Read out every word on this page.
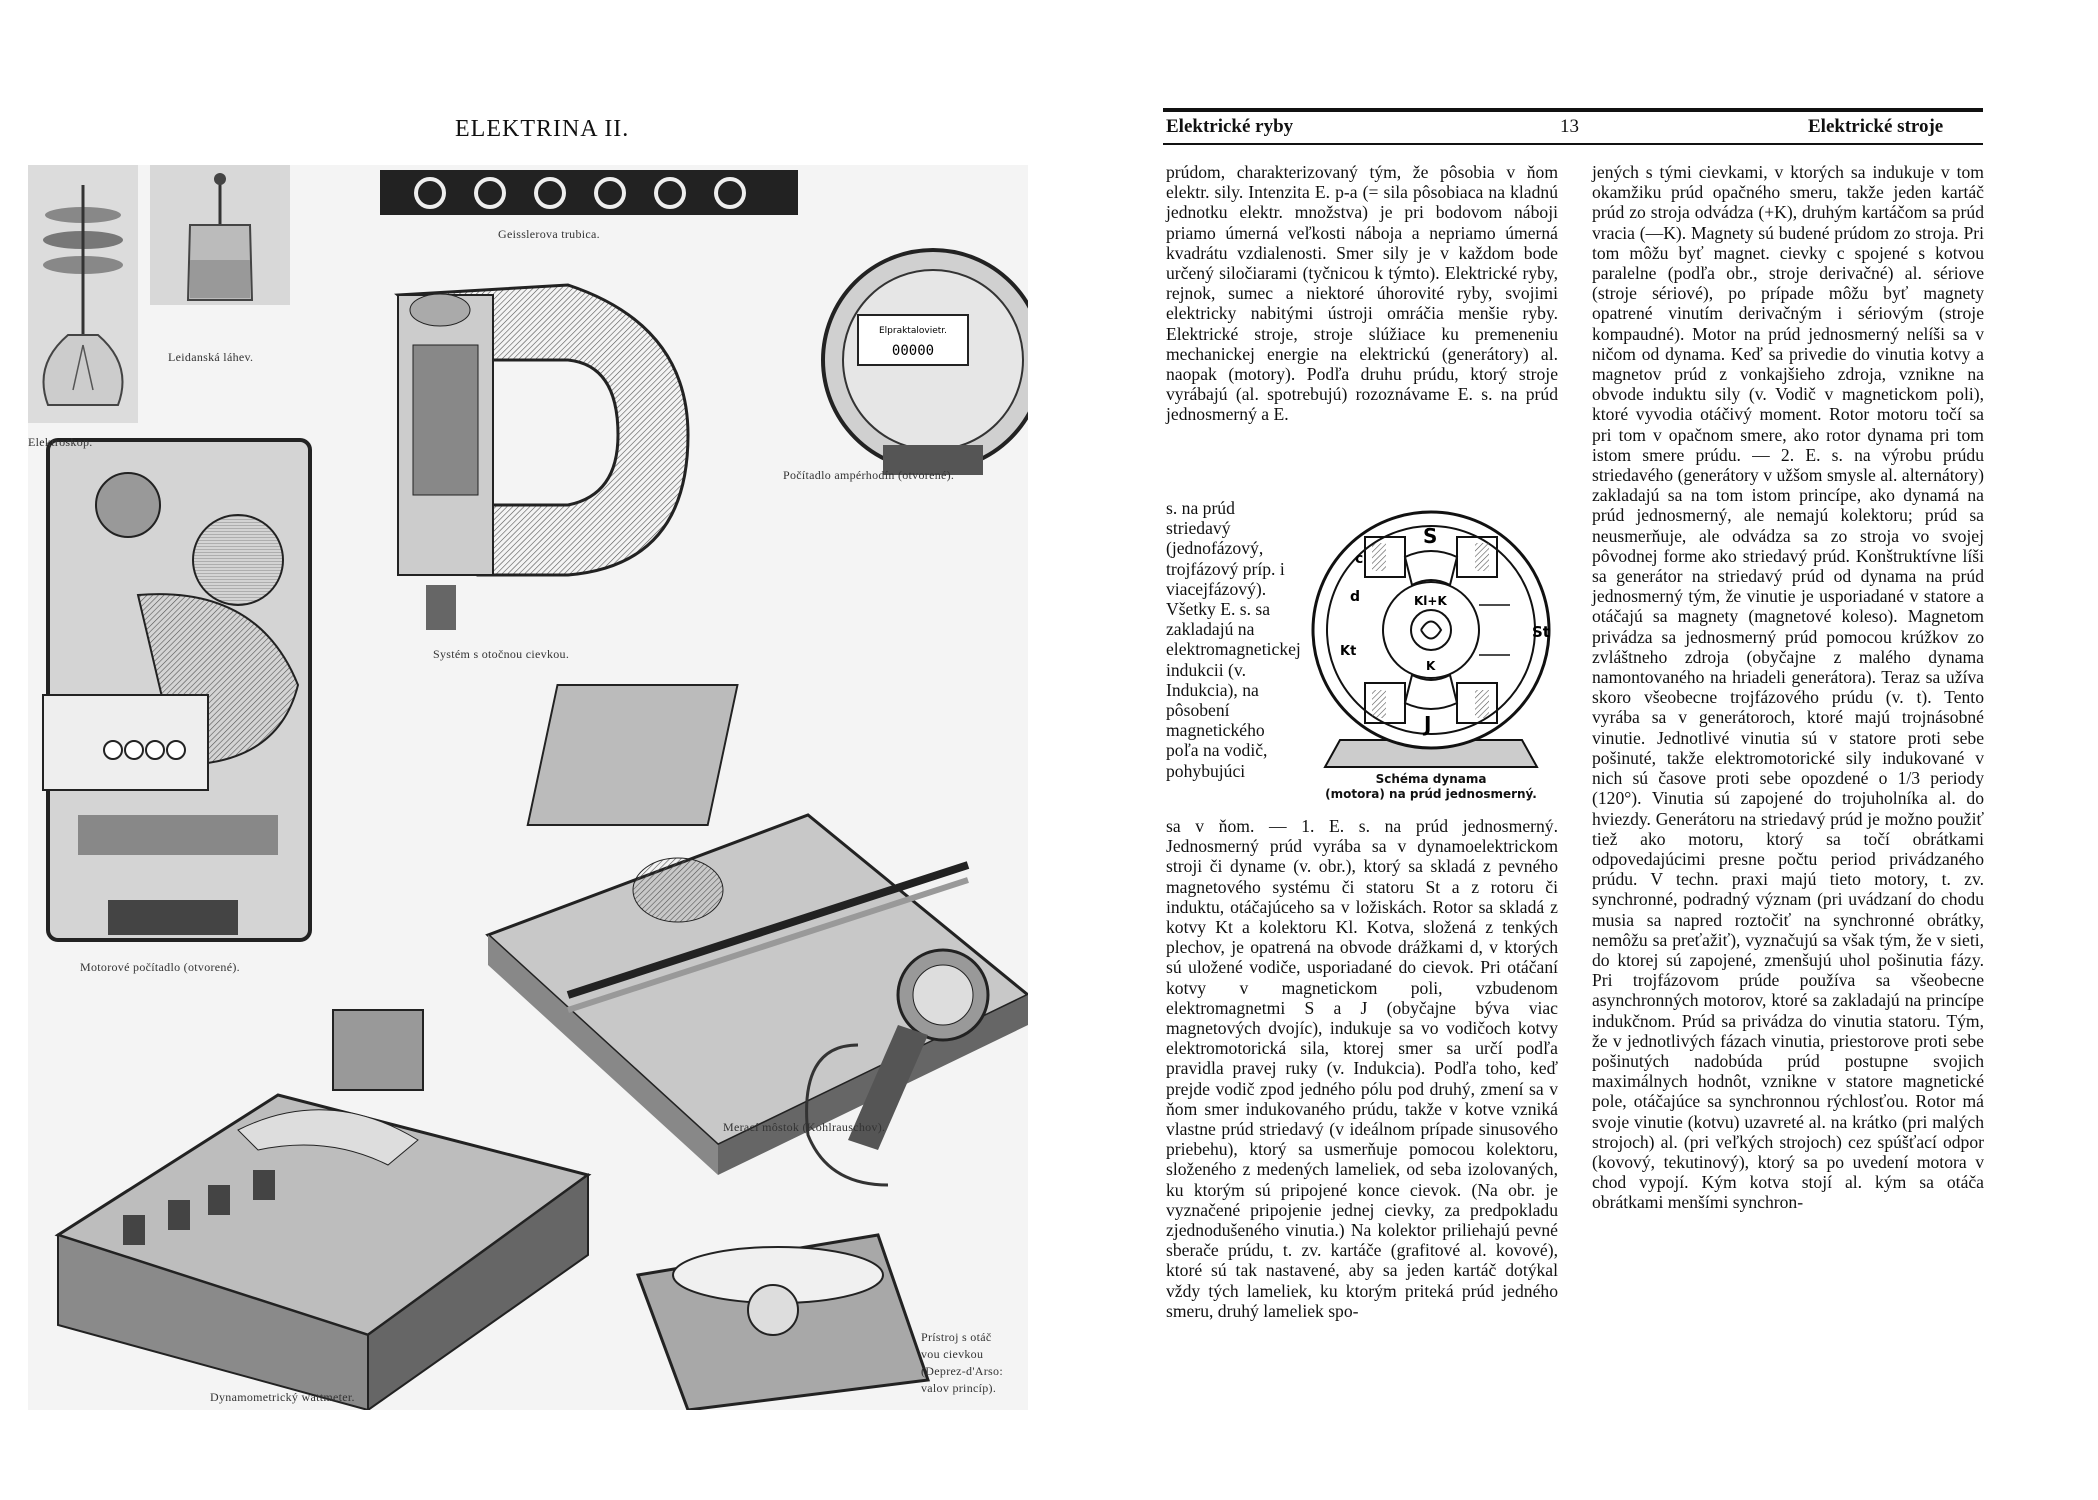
ELEKTRINA II.
Elpraktalovietr.
00000
Elektroskop.
Leidanská láhev.
Geisslerova trubica.
Počítadlo ampérhodín (otvorené).
Systém s otočnou cievkou.
Motorové počítadlo (otvorené).
Merací môstok (Kohlrauschov).
Dynamometrický wattmeter.
Prístroj s otáč
vou cievkou
(Deprez-d'Arso:
valov princíp).
Elektrické ryby	13	Elektrické stroje

prúdom, charakterizovaný tým, že pôsobia v ňom elektr. sily. Intenzita E. p-a (= sila pôsobiaca na kladnú jednotku elektr. množstva) je pri bodovom náboji priamo úmerná veľkosti náboja a nepriamo úmerná kvadrátu vzdialenosti. Smer sily je v každom bode určený siločiarami (tyčnicou k týmto). Elektrické ryby, rejnok, sumec a niektoré úhorovité ryby, svojimi elektricky nabitými ústroji omráčia menšie ryby. Elektrické stroje, stroje slúžiace ku premeneniu mechanickej energie na elektrickú (generátory) al. naopak (motory). Podľa druhu prúdu, ktorý stroje vyrábajú (al. spotrebujú) rozoznávame E. s. na prúd jednosmerný a E.

s. na prúd striedavý (jednofázový, trojfázový príp. i viacejfázový). Všetky E. s. sa zakladajú na elektromagnetickej indukcii (v. Indukcia), na pôsobení magnetického poľa na vodič, pohybujúci

S
J
St
c
d
Kt
Kl+K
K
Schéma dynama
(motora) na prúd jednosmerný.

sa v ňom. — 1. E. s. na prúd jednosmerný. Jednosmerný prúd vyrába sa v dynamoelektrickom stroji či dyname (v. obr.), ktorý sa skladá z pevného magnetového systému či statoru St a z rotoru či induktu, otáčajúceho sa v ložiskách. Rotor sa skladá z kotvy Kt a kolektoru Kl. Kotva, složená z tenkých plechov, je opatrená na obvode drážkami d, v ktorých sú uložené vodiče, usporiadané do cievok. Pri otáčaní kotvy v magnetickom poli, vzbudenom elektromagnetmi S a J (obyčajne býva viac magnetových dvojíc), indukuje sa vo vodičoch kotvy elektromotorická sila, ktorej smer sa určí podľa pravidla pravej ruky (v. Indukcia). Podľa toho, keď prejde vodič zpod jedného pólu pod druhý, zmení sa v ňom smer indukovaného prúdu, takže v kotve vzniká vlastne prúd striedavý (v ideálnom prípade sinusového priebehu), ktorý sa usmerňuje pomocou kolektoru, složeného z medených lameliek, od seba izolovaných, ku ktorým sú pripojené konce cievok. (Na obr. je vyznačené pripojenie jednej cievky, za predpokladu zjednodušeného vinutia.) Na kolektor priliehajú pevné sberače prúdu, t. zv. kartáče (grafitové al. kovové), ktoré sú tak nastavené, aby sa jeden kartáč dotýkal vždy tých lameliek, ku ktorým priteká prúd jedného smeru, druhý lameliek spo-

jených s tými cievkami, v ktorých sa indukuje v tom okamžiku prúd opačného smeru, takže jeden kartáč prúd zo stroja odvádza (+K), druhým kartáčom sa prúd vracia (—K). Magnety sú budené prúdom zo stroja. Pri tom môžu byť magnet. cievky c spojené s kotvou paralelne (podľa obr., stroje derivačné) al. sériove (stroje sériové), po prípade môžu byť magnety opatrené vinutím derivačným i sériovým (stroje kompaudné). Motor na prúd jednosmerný nelíši sa v ničom od dynama. Keď sa privedie do vinutia kotvy a magnetov prúd z vonkajšieho zdroja, vznikne na obvode induktu sily (v. Vodič v magnetickom poli), ktoré vyvodia otáčivý moment. Rotor motoru točí sa pri tom v opačnom smere, ako rotor dynama pri tom istom smere prúdu. — 2. E. s. na výrobu prúdu striedavého (generátory v užšom smysle al. alternátory) zakladajú sa na tom istom princípe, ako dynamá na prúd jednosmerný, ale nemajú kolektoru; prúd sa neusmerňuje, ale odvádza sa zo stroja vo svojej pôvodnej forme ako striedavý prúd. Konštruktívne líši sa generátor na striedavý prúd od dynama na prúd jednosmerný tým, že vinutie je usporiadané v statore a otáčajú sa magnety (magnetové koleso). Magnetom privádza sa jednosmerný prúd pomocou krúžkov zo zvláštneho zdroja (obyčajne z malého dynama namontovaného na hriadeli generátora). Teraz sa užíva skoro všeobecne trojfázového prúdu (v. t). Tento vyrába sa v generátoroch, ktoré majú trojnásobné vinutie. Jednotlivé vinutia sú v statore proti sebe pošinuté, takže elektromotorické sily indukované v nich sú časove proti sebe opozdené o 1/3 periody (120°). Vinutia sú zapojené do trojuholníka al. do hviezdy. Generátoru na striedavý prúd je možno použiť tiež ako motoru, ktorý sa točí obrátkami odpovedajúcimi presne počtu period privádzaného prúdu. V techn. praxi majú tieto motory, t. zv. synchronné, podradný význam (pri uvádzaní do chodu musia sa napred roztočiť na synchronné obrátky, nemôžu sa preťažiť), vyznačujú sa však tým, že v sieti, do ktorej sú zapojené, zmenšujú uhol pošinutia fázy. Pri trojfázovom prúde používa sa všeobecne asynchronných motorov, ktoré sa zakladajú na princípe indukčnom. Prúd sa privádza do vinutia statoru. Tým, že v jednotlivých fázach vinutia, priestorove proti sebe pošinutých nadobúda prúd postupne svojich maximálnych hodnôt, vznikne v statore magnetické pole, otáčajúce sa synchronnou rýchlosťou. Rotor má svoje vinutie (kotvu) uzavreté al. na krátko (pri malých strojoch) al. (pri veľkých strojoch) cez spúšťací odpor (kovový, tekutinový), ktorý sa po uvedení motora v chod vypojí. Kým kotva stojí al. kým sa otáča obrátkami menšími synchron-
